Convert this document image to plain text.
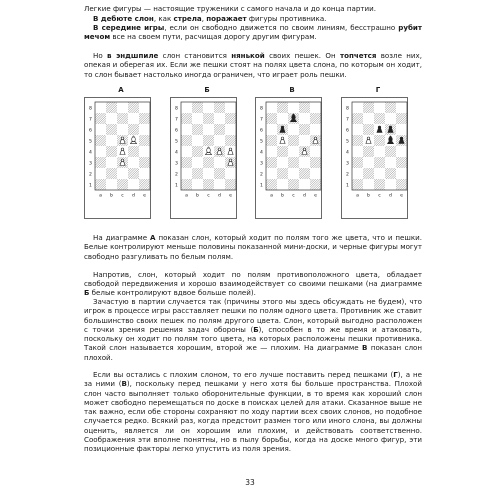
Легкие фигуры — настоящие труженики с самого начала и до конца партии.

В дебюте слон, как стрела, поражает фигуры противника.

В середине игры, если он свободно движется по своим линиям, бесстрашно рубит мечом все на своем пути, расчищая дорогу другим фигурам.

Но в эндшпиле слон становится нянькой своих пешек. Он топчется возле них, опекая и оберегая их. Если же пешки стоят на полях цвета слона, по которым он ходит, то слон бывает настолько иногда ограничен, что играет роль пешки.

А
8
7
6
5
4
3
2
1
a b c d e
Б
8
7
6
5
4
3
2
1
a b c d e
В
8
7
6
5
4
3
2
1
a b c d e
Г
8
7
6
5
4
3
2
1
a b c d e

На диаграмме А показан слон, который ходит по полям того же цвета, что и пешки. Белые контролируют меньше половины показанной мини-доски, и черные фигуры могут свободно разгуливать по белым полям.

Напротив, слон, который ходит по полям противоположного цвета, обладает свободой передвижения и хорошо взаимодействует со своими пешками (на диаграмме Б белые контролируют вдвое больше полей).

Зачастую в партии случается так (причины этого мы здесь обсуждать не будем), что игрок в процессе игры расставляет пешки по полям одного цвета. Противник же ставит большинство своих пешек по полям другого цвета. Слон, который выгодно расположен с точки зрения решения задач обороны (Б), способен в то же время и атаковать, поскольку он ходит по полям того цвета, на которых расположены пешки противника. Такой слон называется хорошим, второй же — плохим. На диаграмме В показан слон плохой.

Если вы остались с плохим слоном, то его лучше поставить перед пешками (Г), а не за ними (В), поскольку перед пешками у него хотя бы больше пространства. Плохой слон часто выполняет только оборонительные функции, в то время как хороший слон может свободно перемещаться по доске в поисках целей для атаки. Сказанное выше не так важно, если обе стороны сохраняют по ходу партии всех своих слонов, но подобное случается редко. Всякий раз, когда предстоит размен того или иного слона, вы должны оценить, является ли он хорошим или плохим, и действовать соответственно. Соображения эти вполне понятны, но в пылу борьбы, когда на доске много фигур, эти позиционные факторы легко упустить из поля зрения.

33
